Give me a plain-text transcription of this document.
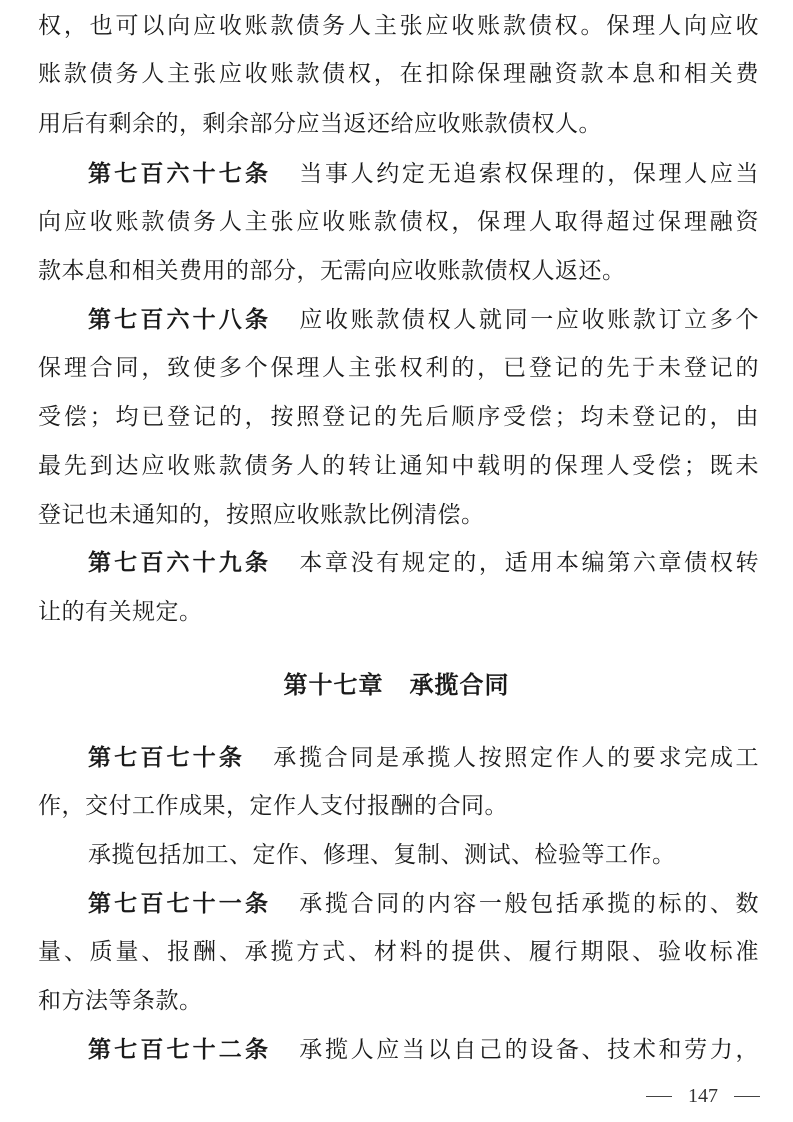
权，也可以向应收账款债务人主张应收账款债权。保理人向应收
账款债务人主张应收账款债权，在扣除保理融资款本息和相关费
用后有剩余的，剩余部分应当返还给应收账款债权人。
第七百六十七条 当事人约定无追索权保理的，保理人应当
向应收账款债务人主张应收账款债权，保理人取得超过保理融资
款本息和相关费用的部分，无需向应收账款债权人返还。
第七百六十八条 应收账款债权人就同一应收账款订立多个
保理合同，致使多个保理人主张权利的，已登记的先于未登记的
受偿；均已登记的，按照登记的先后顺序受偿；均未登记的，由
最先到达应收账款债务人的转让通知中载明的保理人受偿；既未
登记也未通知的，按照应收账款比例清偿。
第七百六十九条 本章没有规定的，适用本编第六章债权转
让的有关规定。
第十七章 承揽合同
第七百七十条 承揽合同是承揽人按照定作人的要求完成工
作，交付工作成果，定作人支付报酬的合同。
承揽包括加工、定作、修理、复制、测试、检验等工作。
第七百七十一条 承揽合同的内容一般包括承揽的标的、数
量、质量、报酬、承揽方式、材料的提供、履行期限、验收标准
和方法等条款。
第七百七十二条 承揽人应当以自己的设备、技术和劳力，
147
